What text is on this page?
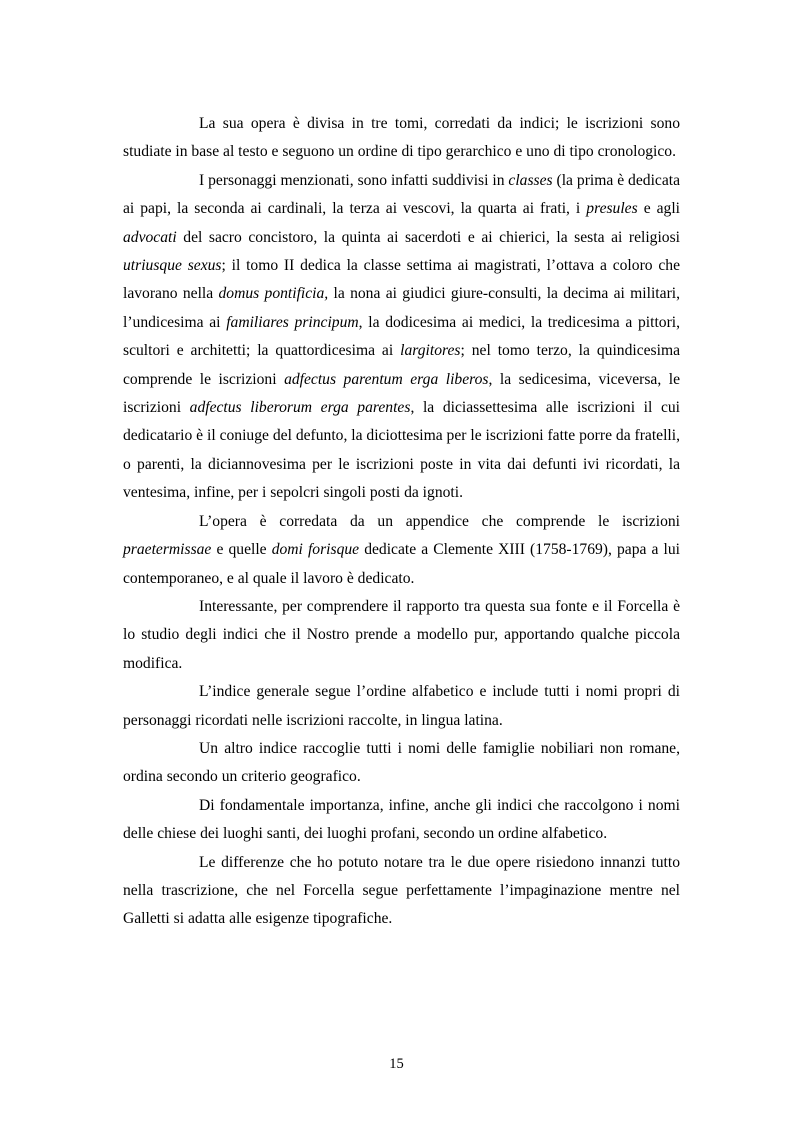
La sua opera è divisa in tre tomi, corredati da indici; le iscrizioni sono studiate in base al testo e seguono un ordine di tipo gerarchico e uno di tipo cronologico.

I personaggi menzionati, sono infatti suddivisi in classes (la prima è dedicata ai papi, la seconda ai cardinali, la terza ai vescovi, la quarta ai frati, i presules e agli advocati del sacro concistoro, la quinta ai sacerdoti e ai chierici, la sesta ai religiosi utriusque sexus; il tomo II dedica la classe settima ai magistrati, l’ottava a coloro che lavorano nella domus pontificia, la nona ai giudici giure-consulti, la decima ai militari, l’undicesima ai familiares principum, la dodicesima ai medici, la tredicesima a pittori, scultori e architetti; la quattordicesima ai largitores; nel tomo terzo, la quindicesima comprende le iscrizioni adfectus parentum erga liberos, la sedicesima, viceversa, le iscrizioni adfectus liberorum erga parentes, la diciassettesima alle iscrizioni il cui dedicatario è il coniuge del defunto, la diciottesima per le iscrizioni fatte porre da fratelli, o parenti, la diciannovesima per le iscrizioni poste in vita dai defunti ivi ricordati, la ventesima, infine, per i sepolcri singoli posti da ignoti.

L’opera è corredata da un appendice che comprende le iscrizioni praetermissae e quelle domi forisque dedicate a Clemente XIII (1758-1769), papa a lui contemporaneo, e al quale il lavoro è dedicato.

Interessante, per comprendere il rapporto tra questa sua fonte e il Forcella è lo studio degli indici che il Nostro prende a modello pur, apportando qualche piccola modifica.

L’indice generale segue l’ordine alfabetico e include tutti i nomi propri di personaggi ricordati nelle iscrizioni raccolte, in lingua latina.

Un altro indice raccoglie tutti i nomi delle famiglie nobiliari non romane, ordina secondo un criterio geografico.

Di fondamentale importanza, infine, anche gli indici che raccolgono i nomi delle chiese dei luoghi santi, dei luoghi profani, secondo un ordine alfabetico.

Le differenze che ho potuto notare tra le due opere risiedono innanzi tutto nella trascrizione, che nel Forcella segue perfettamente l’impaginazione mentre nel Galletti si adatta alle esigenze tipografiche.

15
